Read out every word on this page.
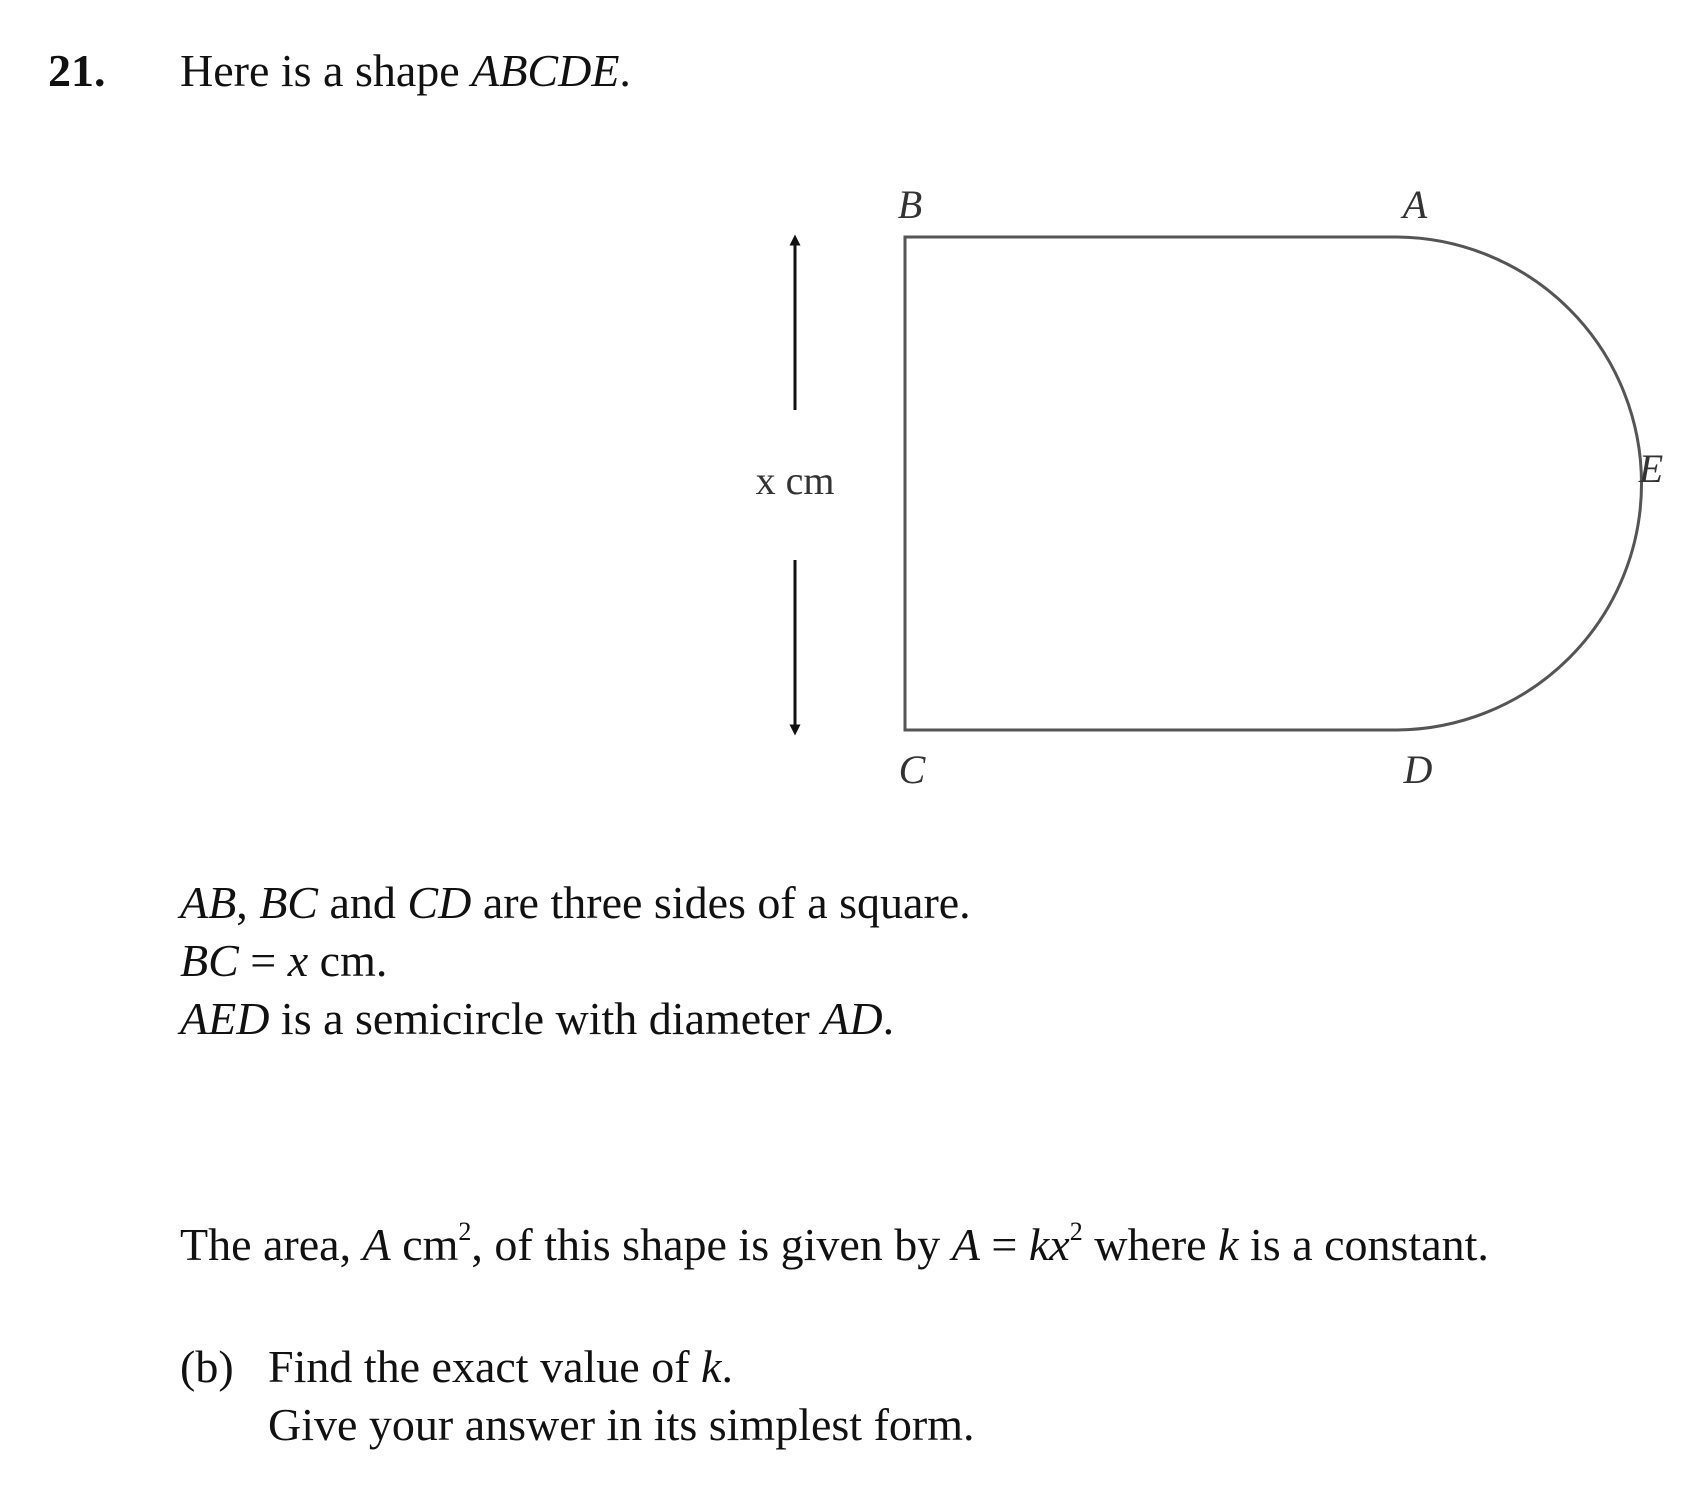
21. Here is a shape ABCDE.
x cm
B	A
E
C	D
AB, BC and CD are three sides of a square.
BC = x cm.
AED is a semicircle with diameter AD.
The area, A $cm^2$, of this shape is given by $A = kx^2$ where k is a constant.
(b) Find the exact value of k.
Give your answer in its simplest form.
